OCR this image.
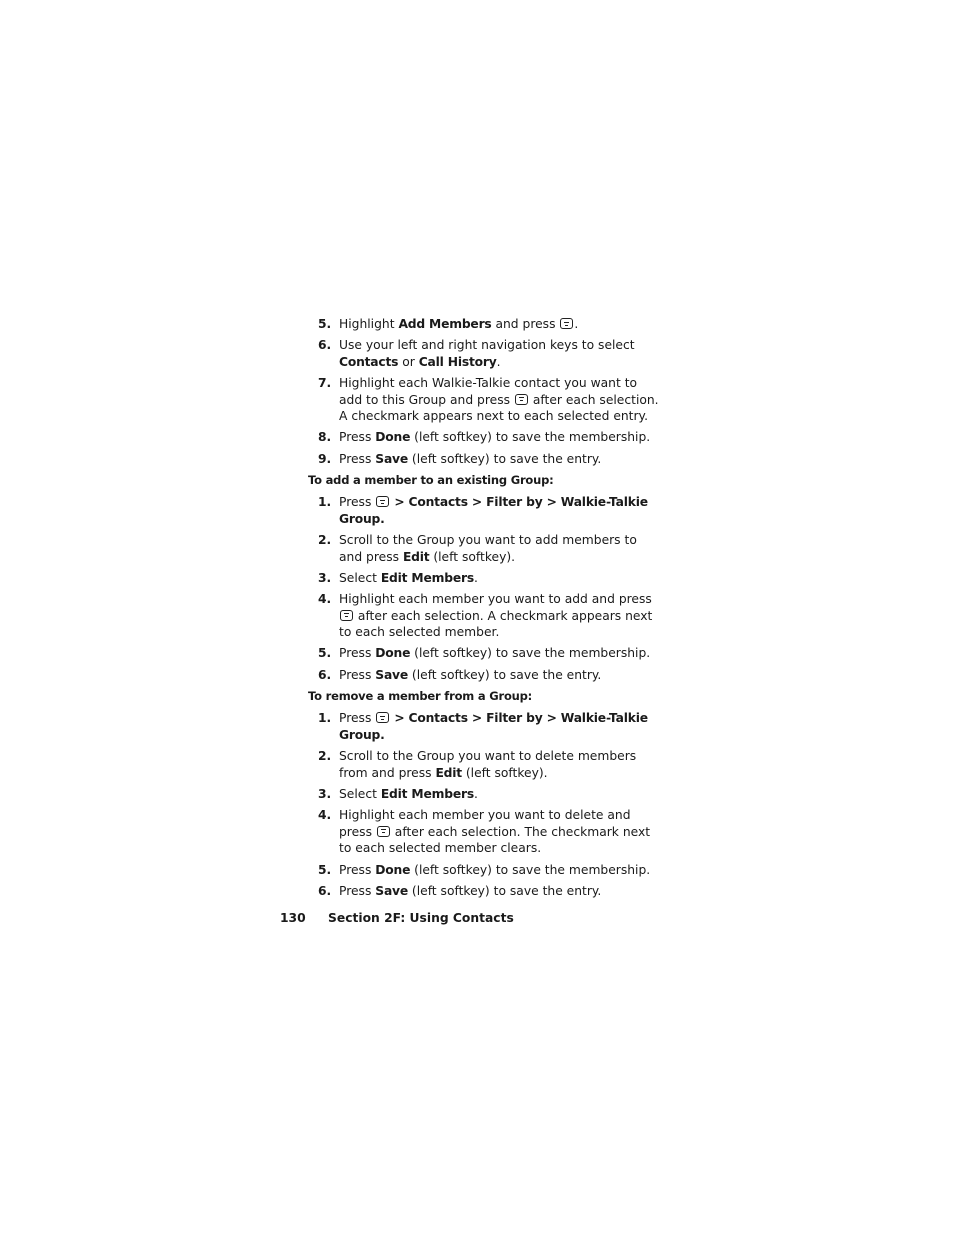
5. Highlight Add Members and press .
6. Use your left and right navigation keys to select Contacts or Call History.
7. Highlight each Walkie-Talkie contact you want to add to this Group and press  after each selection. A checkmark appears next to each selected entry.
8. Press Done (left softkey) to save the membership.
9. Press Save (left softkey) to save the entry.
To add a member to an existing Group:
1. Press  > Contacts > Filter by > Walkie-Talkie Group.
2. Scroll to the Group you want to add members to and press Edit (left softkey).
3. Select Edit Members.
4. Highlight each member you want to add and press  after each selection. A checkmark appears next to each selected member.
5. Press Done (left softkey) to save the membership.
6. Press Save (left softkey) to save the entry.
To remove a member from a Group:
1. Press  > Contacts > Filter by > Walkie-Talkie Group.
2. Scroll to the Group you want to delete members from and press Edit (left softkey).
3. Select Edit Members.
4. Highlight each member you want to delete and press  after each selection. The checkmark next to each selected member clears.
5. Press Done (left softkey) to save the membership.
6. Press Save (left softkey) to save the entry.
130 Section 2F: Using Contacts
